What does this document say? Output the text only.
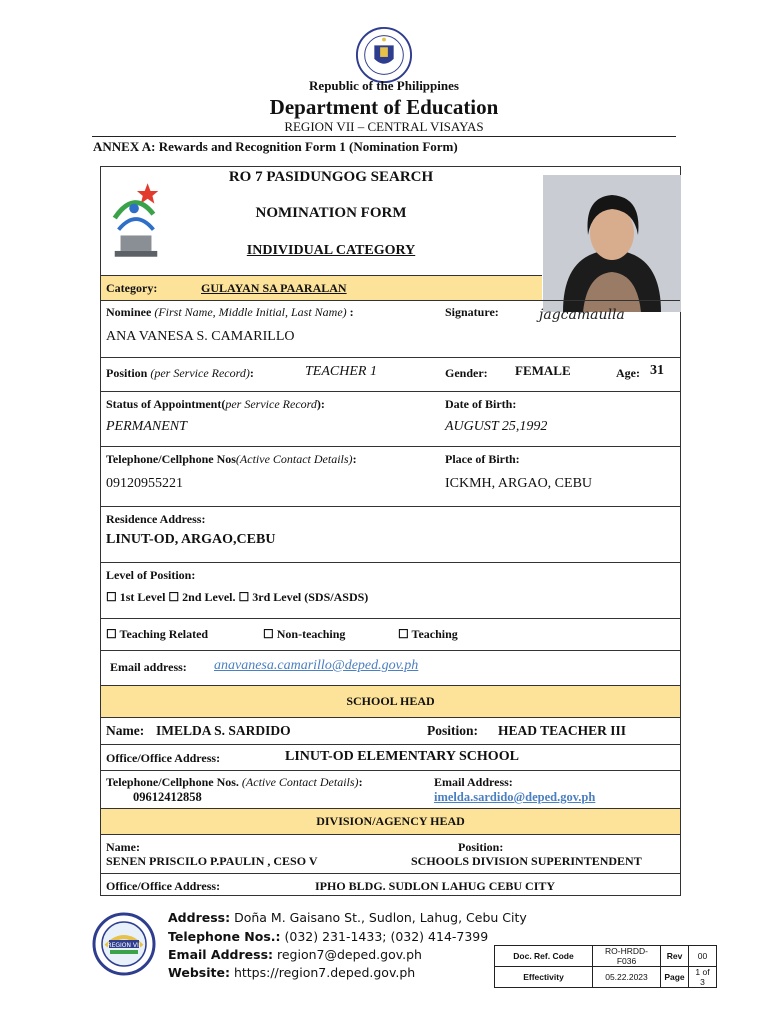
Republic of the Philippines
Department of Education
REGION VII – CENTRAL VISAYAS
ANNEX A: Rewards and Recognition Form 1 (Nomination Form)
RO 7 PASIDUNGOG SEARCH
NOMINATION FORM
INDIVIDUAL CATEGORY
Category:	GULAYAN SA PAARALAN
Nominee (First Name, Middle Initial, Last Name) :
ANA VANESA S. CAMARILLO
Signature:	jagcamaulla
Position (per Service Record):	TEACHER 1	Gender: FEMALE	Age: 31
Status of Appointment(per Service Record):
PERMANENT
Date of Birth:
AUGUST 25,1992
Telephone/Cellphone Nos(Active Contact Details):
09120955221
Place of Birth:
ICKMH, ARGAO, CEBU
Residence Address:
LINUT-OD, ARGAO,CEBU
Level of Position:
☐ 1st Level ☐ 2nd Level. ☐ 3rd Level (SDS/ASDS)
☐ Teaching Related	☐ Non-teaching	☐ Teaching
Email address: anavanesa.camarillo@deped.gov.ph
SCHOOL HEAD
Name: IMELDA S. SARDIDO	Position: HEAD TEACHER III
Office/Office Address:	LINUT-OD ELEMENTARY SCHOOL
Telephone/Cellphone Nos. (Active Contact Details):
09612412858
Email Address:
imelda.sardido@deped.gov.ph
DIVISION/AGENCY HEAD
Name:
SENEN PRISCILO P.PAULIN , CESO V
Position:
SCHOOLS DIVISION SUPERINTENDENT
Office/Office Address:	IPHO BLDG. SUDLON LAHUG CEBU CITY
REGION VII
Address: Doña M. Gaisano St., Sudlon, Lahug, Cebu City
Telephone Nos.: (032) 231-1433; (032) 414-7399
Email Address: region7@deped.gov.ph
Website: https://region7.deped.gov.ph
Doc. Ref. Code	RO-HRDD-F036	Rev	00
Effectivity	05.22.2023	Page	1 of 3
